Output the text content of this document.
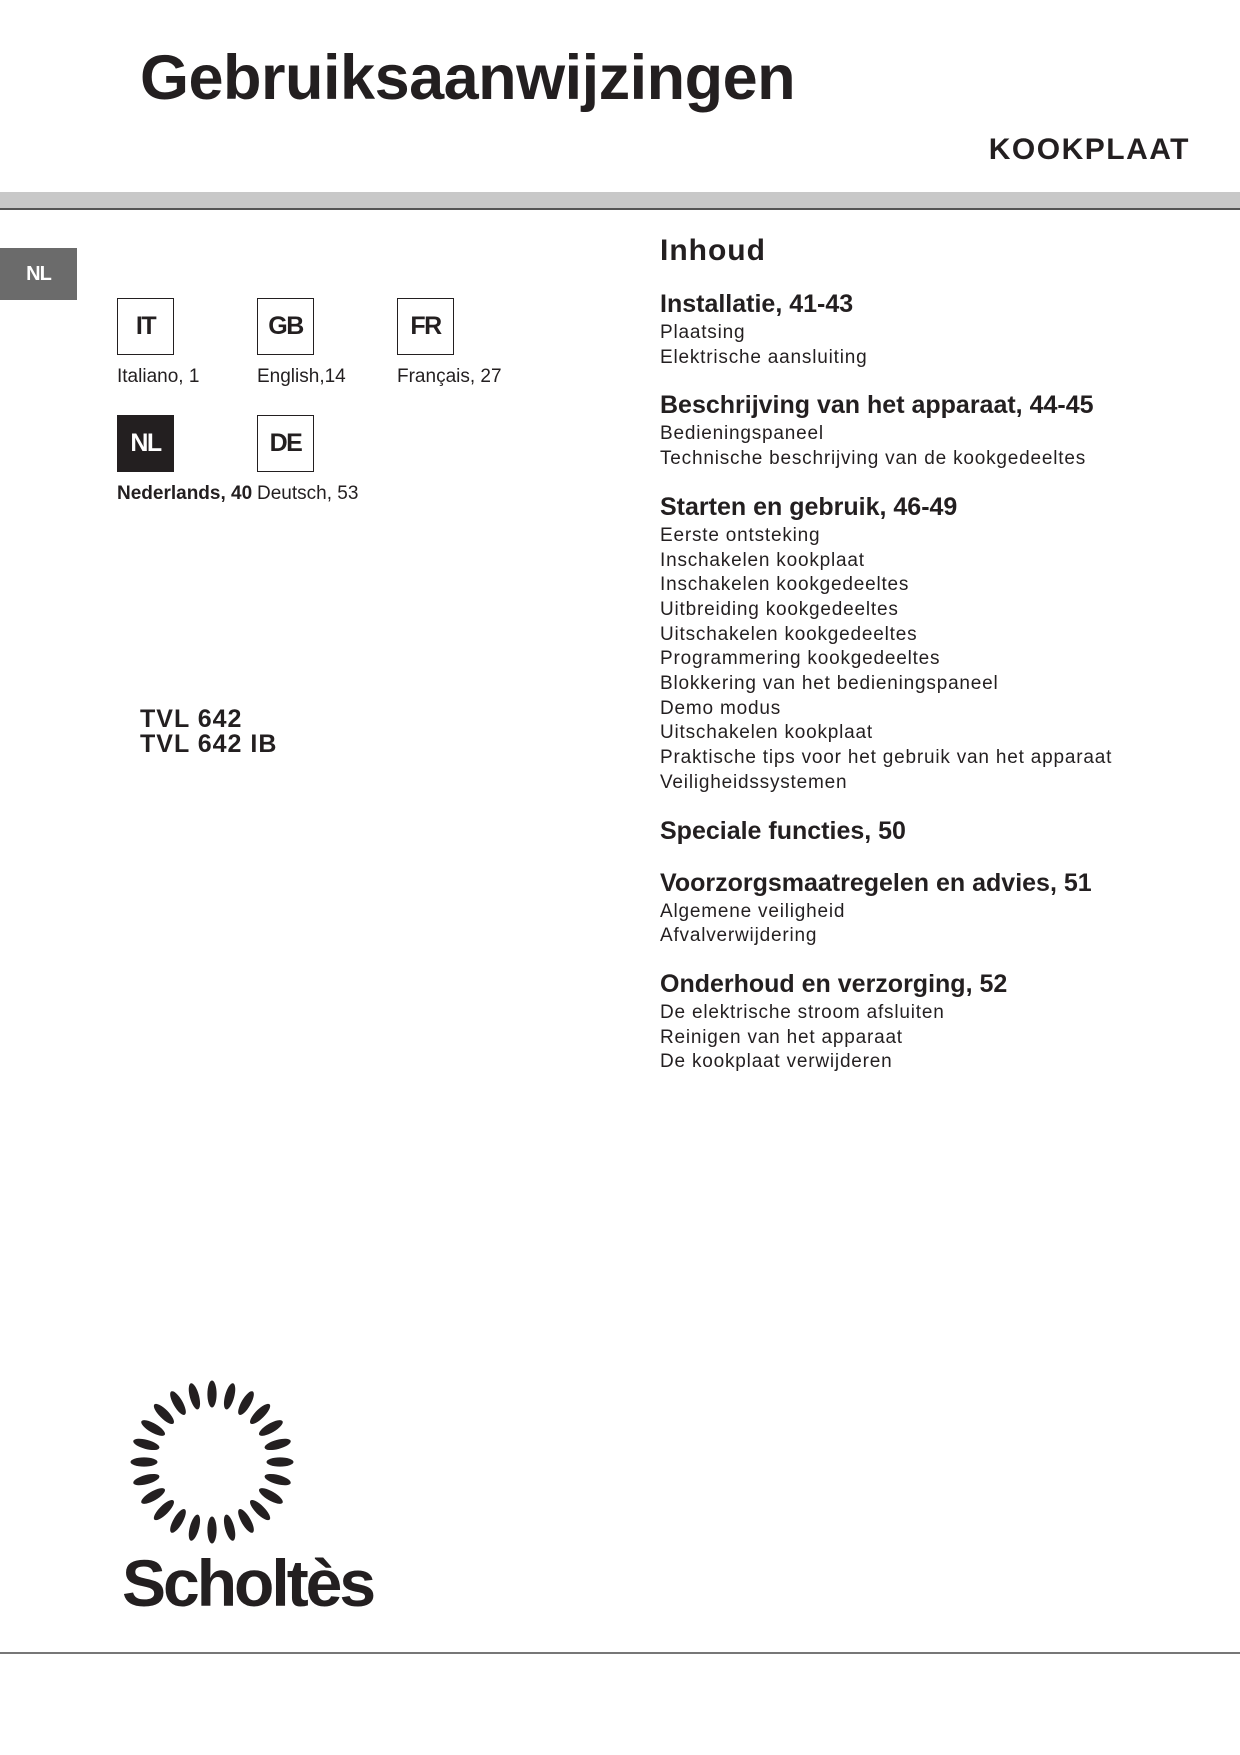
Gebruiksaanwijzingen
KOOKPLAAT
NL
IT
Italiano, 1
GB
English,14
FR
Français, 27
NL
Nederlands, 40
DE
Deutsch, 53
TVL 642
TVL 642 IB
Inhoud
Installatie, 41-43
Plaatsing
Elektrische aansluiting
Beschrijving van het apparaat, 44-45
Bedieningspaneel
Technische beschrijving van de kookgedeeltes
Starten en gebruik, 46-49
Eerste ontsteking
Inschakelen kookplaat
Inschakelen kookgedeeltes
Uitbreiding kookgedeeltes
Uitschakelen kookgedeeltes
Programmering kookgedeeltes
Blokkering van het bedieningspaneel
Demo modus
Uitschakelen kookplaat
Praktische tips voor het gebruik van het apparaat
Veiligheidssystemen
Speciale functies, 50
Voorzorgsmaatregelen en advies, 51
Algemene veiligheid
Afvalverwijdering
Onderhoud en verzorging, 52
De elektrische stroom afsluiten
Reinigen van het apparaat
De kookplaat verwijderen
Scholtès
